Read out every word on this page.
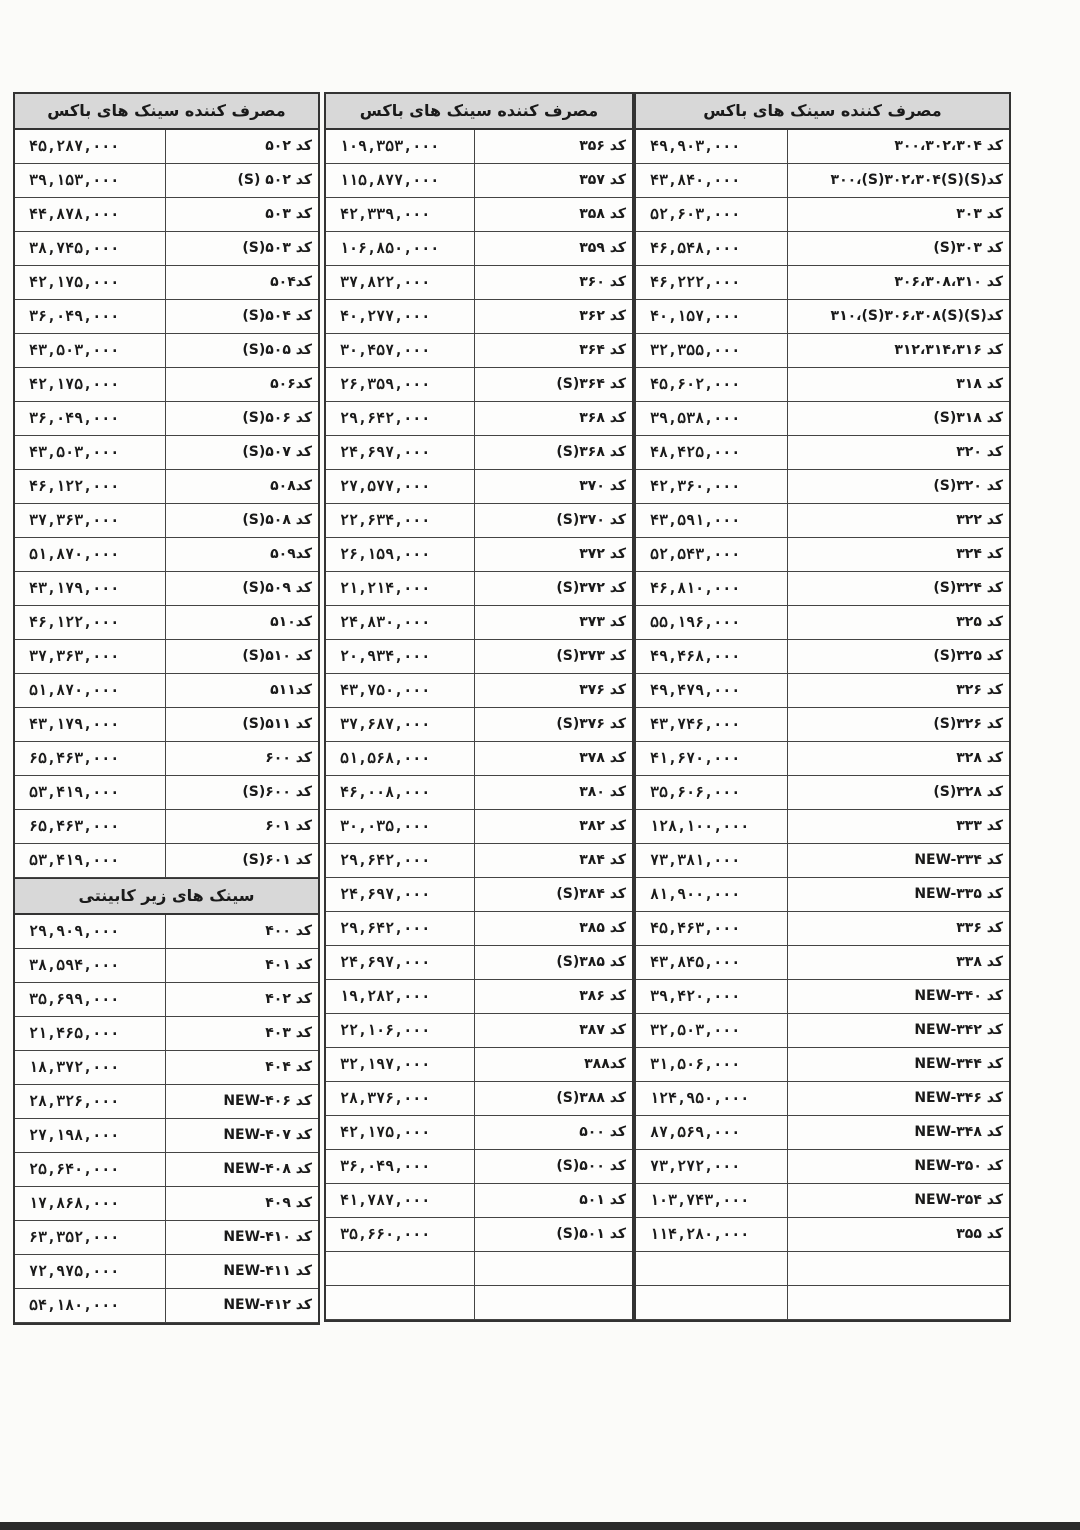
مصرف کننده سینک های باکس
۴۹,۹۰۳,۰۰۰	کد ۳۰۰،۳۰۲،۳۰۴
۴۳,۸۴۰,۰۰۰	کد(S)۳۰۰،(S)۳۰۲،۳۰۴(S)
۵۲,۶۰۳,۰۰۰	کد ۳۰۳
۴۶,۵۴۸,۰۰۰	کد ۳۰۳(S)
۴۶,۲۲۲,۰۰۰	کد ۳۰۶،۳۰۸،۳۱۰
۴۰,۱۵۷,۰۰۰	کد(S)۳۱۰،(S)۳۰۶،۳۰۸(S)
۳۲,۳۵۵,۰۰۰	کد ۳۱۲،۳۱۴،۳۱۶
۴۵,۶۰۲,۰۰۰	کد ۳۱۸
۳۹,۵۳۸,۰۰۰	کد ۳۱۸(S)
۴۸,۴۲۵,۰۰۰	کد ۳۲۰
۴۲,۳۶۰,۰۰۰	کد ۳۲۰(S)
۴۳,۵۹۱,۰۰۰	کد ۳۲۲
۵۲,۵۴۳,۰۰۰	کد ۳۲۴
۴۶,۸۱۰,۰۰۰	کد ۳۲۴(S)
۵۵,۱۹۶,۰۰۰	کد ۳۲۵
۴۹,۴۶۸,۰۰۰	کد ۳۲۵(S)
۴۹,۴۷۹,۰۰۰	کد ۳۲۶
۴۳,۷۴۶,۰۰۰	کد ۳۲۶(S)
۴۱,۶۷۰,۰۰۰	کد ۳۲۸
۳۵,۶۰۶,۰۰۰	کد ۳۲۸(S)
۱۲۸,۱۰۰,۰۰۰	کد ۳۳۳
۷۳,۳۸۱,۰۰۰	کد NEW-۳۳۴
۸۱,۹۰۰,۰۰۰	کد NEW-۳۳۵
۴۵,۴۶۳,۰۰۰	کد ۳۳۶
۴۳,۸۴۵,۰۰۰	کد ۳۳۸
۳۹,۴۲۰,۰۰۰	کد NEW-۳۴۰
۳۲,۵۰۳,۰۰۰	کد NEW-۳۴۲
۳۱,۵۰۶,۰۰۰	کد NEW-۳۴۴
۱۲۴,۹۵۰,۰۰۰	کد NEW-۳۴۶
۸۷,۵۶۹,۰۰۰	کد NEW-۳۴۸
۷۳,۲۷۲,۰۰۰	کد NEW-۳۵۰
۱۰۳,۷۴۳,۰۰۰	کد NEW-۳۵۴
۱۱۴,۲۸۰,۰۰۰	کد ۳۵۵
مصرف کننده سینک های باکس
۱۰۹,۳۵۳,۰۰۰	کد ۳۵۶
۱۱۵,۸۷۷,۰۰۰	کد ۳۵۷
۴۲,۳۳۹,۰۰۰	کد ۳۵۸
۱۰۶,۸۵۰,۰۰۰	کد ۳۵۹
۳۷,۸۲۲,۰۰۰	کد ۳۶۰
۴۰,۲۷۷,۰۰۰	کد ۳۶۲
۳۰,۴۵۷,۰۰۰	کد ۳۶۴
۲۶,۳۵۹,۰۰۰	کد ۳۶۴(S)
۲۹,۶۴۲,۰۰۰	کد ۳۶۸
۲۴,۶۹۷,۰۰۰	کد ۳۶۸(S)
۲۷,۵۷۷,۰۰۰	کد ۳۷۰
۲۲,۶۳۴,۰۰۰	کد ۳۷۰(S)
۲۶,۱۵۹,۰۰۰	کد ۳۷۲
۲۱,۲۱۴,۰۰۰	کد ۳۷۲(S)
۲۴,۸۳۰,۰۰۰	کد ۳۷۳
۲۰,۹۳۴,۰۰۰	کد ۳۷۳(S)
۴۳,۷۵۰,۰۰۰	کد ۳۷۶
۳۷,۶۸۷,۰۰۰	کد ۳۷۶(S)
۵۱,۵۶۸,۰۰۰	کد ۳۷۸
۴۶,۰۰۸,۰۰۰	کد ۳۸۰
۳۰,۰۳۵,۰۰۰	کد ۳۸۲
۲۹,۶۴۲,۰۰۰	کد ۳۸۴
۲۴,۶۹۷,۰۰۰	کد ۳۸۴(S)
۲۹,۶۴۲,۰۰۰	کد ۳۸۵
۲۴,۶۹۷,۰۰۰	کد ۳۸۵(S)
۱۹,۲۸۲,۰۰۰	کد ۳۸۶
۲۲,۱۰۶,۰۰۰	کد ۳۸۷
۳۲,۱۹۷,۰۰۰	کد۳۸۸
۲۸,۳۷۶,۰۰۰	کد ۳۸۸(S)
۴۲,۱۷۵,۰۰۰	کد ۵۰۰
۳۶,۰۴۹,۰۰۰	کد ۵۰۰(S)
۴۱,۷۸۷,۰۰۰	کد ۵۰۱
۳۵,۶۶۰,۰۰۰	کد ۵۰۱(S)
مصرف کننده سینک های باکس
۴۵,۲۸۷,۰۰۰	کد ۵۰۲
۳۹,۱۵۳,۰۰۰	کد ۵۰۲ (S)
۴۴,۸۷۸,۰۰۰	کد ۵۰۳
۳۸,۷۴۵,۰۰۰	کد ۵۰۳(S)
۴۲,۱۷۵,۰۰۰	کد۵۰۴
۳۶,۰۴۹,۰۰۰	کد ۵۰۴(S)
۴۳,۵۰۳,۰۰۰	کد ۵۰۵(S)
۴۲,۱۷۵,۰۰۰	کد۵۰۶
۳۶,۰۴۹,۰۰۰	کد ۵۰۶(S)
۴۳,۵۰۳,۰۰۰	کد ۵۰۷(S)
۴۶,۱۲۲,۰۰۰	کد۵۰۸
۳۷,۳۶۳,۰۰۰	کد ۵۰۸(S)
۵۱,۸۷۰,۰۰۰	کد۵۰۹
۴۳,۱۷۹,۰۰۰	کد ۵۰۹(S)
۴۶,۱۲۲,۰۰۰	کد۵۱۰
۳۷,۳۶۳,۰۰۰	کد ۵۱۰(S)
۵۱,۸۷۰,۰۰۰	کد۵۱۱
۴۳,۱۷۹,۰۰۰	کد ۵۱۱(S)
۶۵,۴۶۳,۰۰۰	کد ۶۰۰
۵۳,۴۱۹,۰۰۰	کد ۶۰۰(S)
۶۵,۴۶۳,۰۰۰	کد ۶۰۱
۵۳,۴۱۹,۰۰۰	کد ۶۰۱(S)
سینک های زیر کابینتی
۲۹,۹۰۹,۰۰۰	کد ۴۰۰
۳۸,۵۹۴,۰۰۰	کد ۴۰۱
۳۵,۶۹۹,۰۰۰	کد ۴۰۲
۲۱,۴۶۵,۰۰۰	کد ۴۰۳
۱۸,۳۷۲,۰۰۰	کد ۴۰۴
۲۸,۳۲۶,۰۰۰	کد NEW-۴۰۶
۲۷,۱۹۸,۰۰۰	کد NEW-۴۰۷
۲۵,۶۴۰,۰۰۰	کد NEW-۴۰۸
۱۷,۸۶۸,۰۰۰	کد ۴۰۹
۶۳,۳۵۲,۰۰۰	کد NEW-۴۱۰
۷۲,۹۷۵,۰۰۰	کد NEW-۴۱۱
۵۴,۱۸۰,۰۰۰	کد NEW-۴۱۲
